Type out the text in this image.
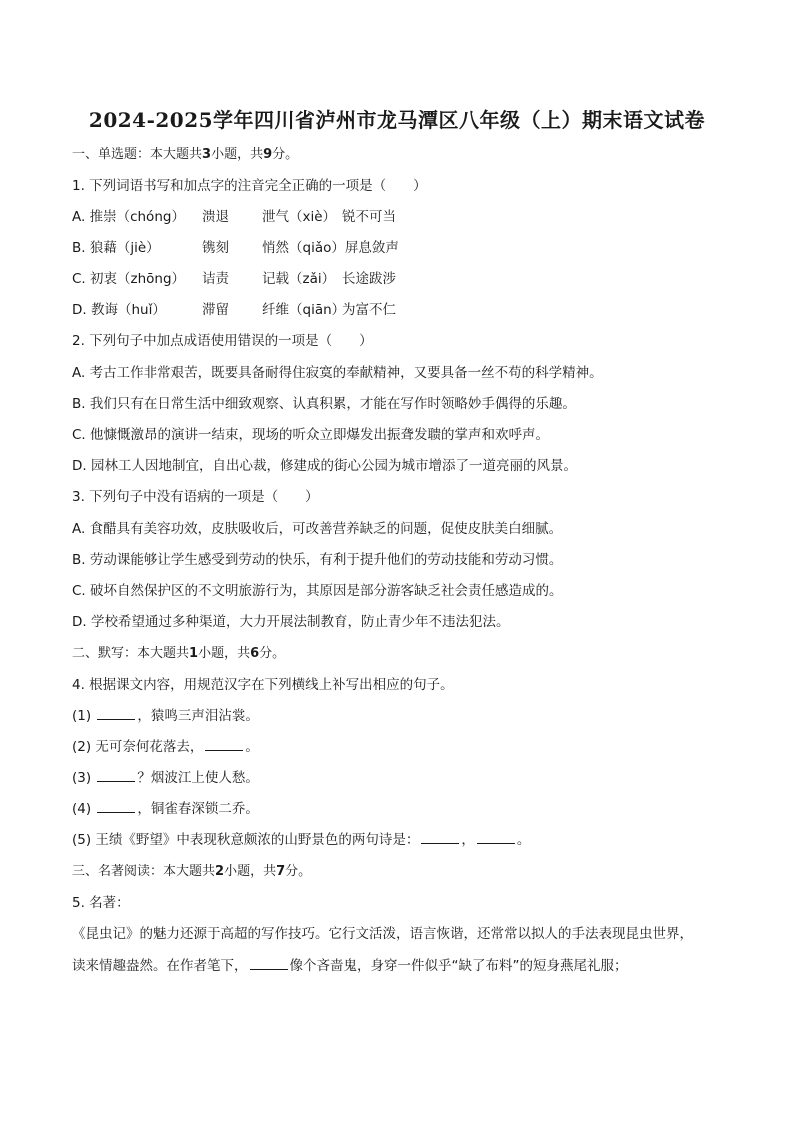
2024-2025学年四川省泸州市龙马潭区八年级（上）期末语文试卷
一、单选题：本大题共3小题，共9分。
1. 下列词语书写和加点字的注音完全正确的一项是（　　）
A. 推崇（chóng） 溃退 泄气（xiè） 锐不可当
B. 狼藉（jiè）	镌刻 悄然（qiǎo）屏息敛声
C. 初衷（zhōng） 诘责 记载（zǎi） 长途跋涉
D. 教诲（huǐ）	滞留 纤维（qiān）为富不仁
2. 下列句子中加点成语使用错误的一项是（　　）
A. 考古工作非常艰苦，既要具备耐得住寂寞的奉献精神，又要具备一丝不苟的科学精神。
B. 我们只有在日常生活中细致观察、认真积累，才能在写作时领略妙手偶得的乐趣。
C. 他慷慨激昂的演讲一结束，现场的听众立即爆发出振聋发聩的掌声和欢呼声。
D. 园林工人因地制宜，自出心裁，修建成的街心公园为城市增添了一道亮丽的风景。
3. 下列句子中没有语病的一项是（　　）
A. 食醋具有美容功效，皮肤吸收后，可改善营养缺乏的问题，促使皮肤美白细腻。
B. 劳动课能够让学生感受到劳动的快乐，有利于提升他们的劳动技能和劳动习惯。
C. 破坏自然保护区的不文明旅游行为，其原因是部分游客缺乏社会责任感造成的。
D. 学校希望通过多种渠道，大力开展法制教育，防止青少年不违法犯法。
二、默写：本大题共1小题，共6分。
4. 根据课文内容，用规范汉字在下列横线上补写出相应的句子。
(1)	，猿鸣三声泪沾裳。
(2) 无可奈何花落去，	。
(3)	？烟波江上使人愁。
(4)	，铜雀春深锁二乔。
(5) 王绩《野望》中表现秋意颇浓的山野景色的两句诗是：	，	。
三、名著阅读：本大题共2小题，共7分。
5. 名著：
《昆虫记》的魅力还源于高超的写作技巧。它行文活泼，语言恢谐，还常常以拟人的手法表现昆虫世界，
读来情趣盎然。在作者笔下，	像个吝啬鬼，身穿一件似乎“缺了布料”的短身燕尾礼服；
